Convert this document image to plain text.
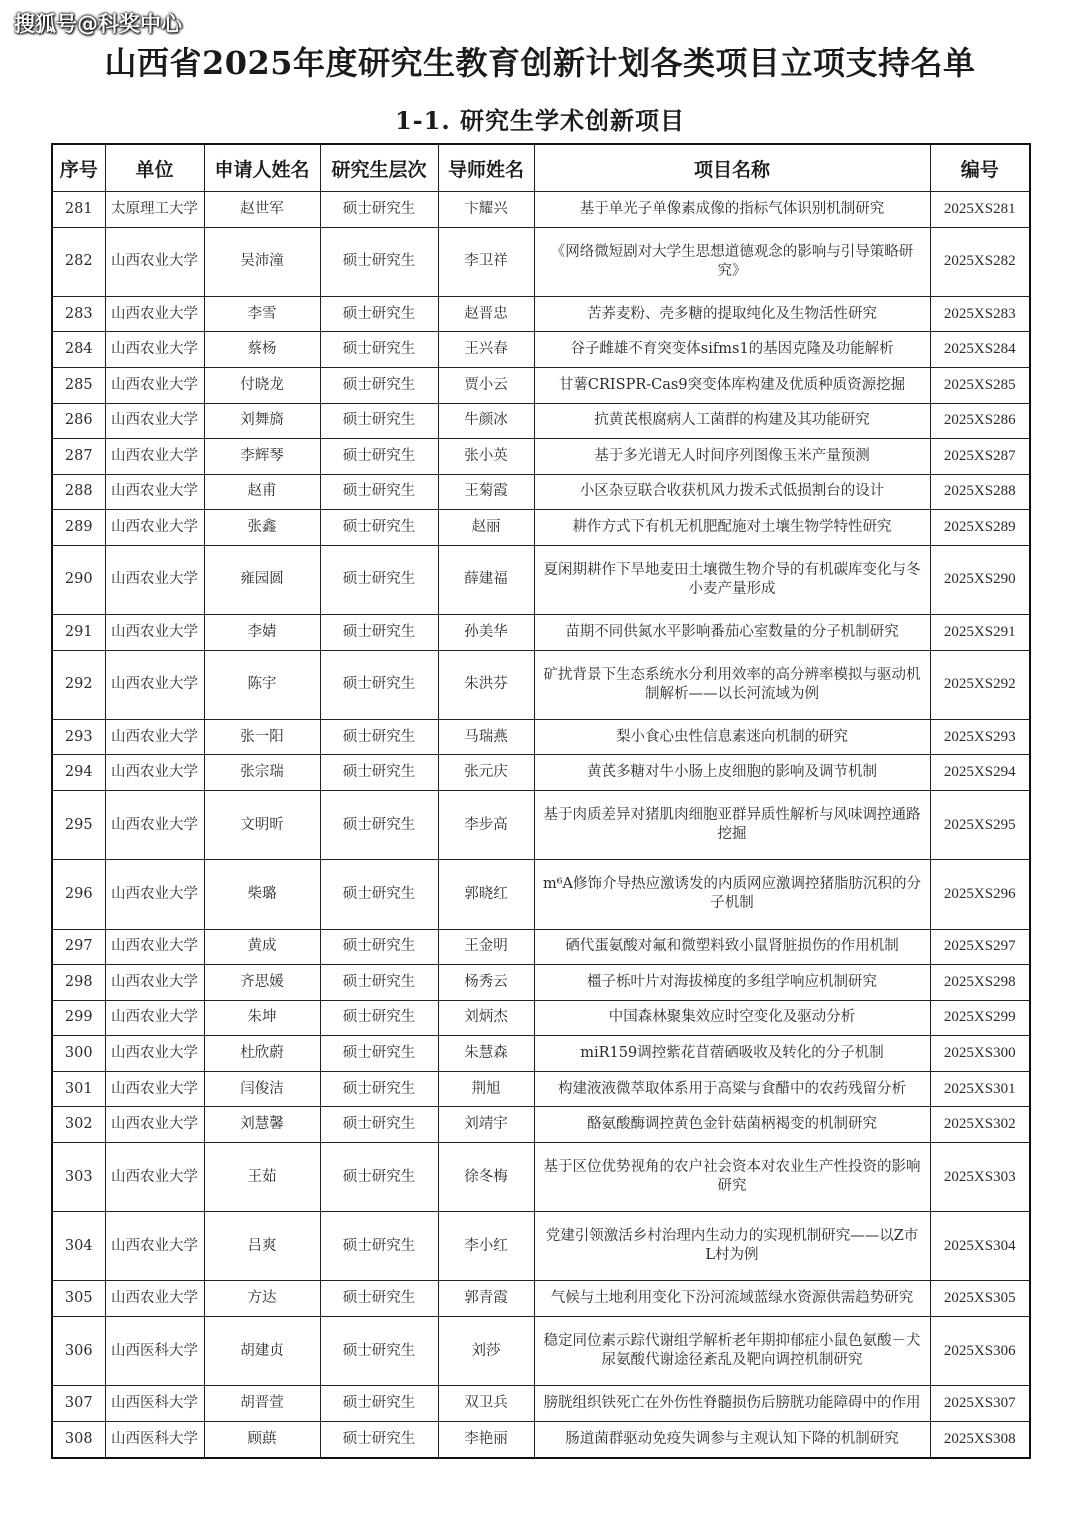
搜狐号@科奖中心
山西省2025年度研究生教育创新计划各类项目立项支持名单
1-1. 研究生学术创新项目
序号	单位	申请人姓名	研究生层次	导师姓名	项目名称	编号
281	太原理工大学	赵世军	硕士研究生	卞耀兴	基于单光子单像素成像的指标气体识别机制研究	2025XS281
282	山西农业大学	吴沛潼	硕士研究生	李卫祥	《网络微短剧对大学生思想道德观念的影响与引导策略研究》	2025XS282
283	山西农业大学	李雪	硕士研究生	赵晋忠	苦荞麦粉、壳多糖的提取纯化及生物活性研究	2025XS283
284	山西农业大学	蔡杨	硕士研究生	王兴春	谷子雌雄不育突变体sifms1的基因克隆及功能解析	2025XS284
285	山西农业大学	付晓龙	硕士研究生	贾小云	甘薯CRISPR-Cas9突变体库构建及优质种质资源挖掘	2025XS285
286	山西农业大学	刘舞旖	硕士研究生	牛颜冰	抗黄芪根腐病人工菌群的构建及其功能研究	2025XS286
287	山西农业大学	李辉琴	硕士研究生	张小英	基于多光谱无人时间序列图像玉米产量预测	2025XS287
288	山西农业大学	赵甫	硕士研究生	王菊霞	小区杂豆联合收获机风力拨禾式低损割台的设计	2025XS288
289	山西农业大学	张鑫	硕士研究生	赵丽	耕作方式下有机无机肥配施对土壤生物学特性研究	2025XS289
290	山西农业大学	雍园圆	硕士研究生	薛建福	夏闲期耕作下旱地麦田土壤微生物介导的有机碳库变化与冬小麦产量形成	2025XS290
291	山西农业大学	李婧	硕士研究生	孙美华	苗期不同供氮水平影响番茄心室数量的分子机制研究	2025XS291
292	山西农业大学	陈宇	硕士研究生	朱洪芬	矿扰背景下生态系统水分利用效率的高分辨率模拟与驱动机制解析——以长河流域为例	2025XS292
293	山西农业大学	张一阳	硕士研究生	马瑞燕	梨小食心虫性信息素迷向机制的研究	2025XS293
294	山西农业大学	张宗瑞	硕士研究生	张元庆	黄芪多糖对牛小肠上皮细胞的影响及调节机制	2025XS294
295	山西农业大学	文明昕	硕士研究生	李步高	基于肉质差异对猪肌肉细胞亚群异质性解析与风味调控通路挖掘	2025XS295
296	山西农业大学	柴璐	硕士研究生	郭晓红	m⁶A修饰介导热应激诱发的内质网应激调控猪脂肪沉积的分子机制	2025XS296
297	山西农业大学	黄成	硕士研究生	王金明	硒代蛋氨酸对氟和微塑料致小鼠肾脏损伤的作用机制	2025XS297
298	山西农业大学	齐思媛	硕士研究生	杨秀云	橿子栎叶片对海拔梯度的多组学响应机制研究	2025XS298
299	山西农业大学	朱坤	硕士研究生	刘炳杰	中国森林聚集效应时空变化及驱动分析	2025XS299
300	山西农业大学	杜欣蔚	硕士研究生	朱慧森	miR159调控紫花苜蓿硒吸收及转化的分子机制	2025XS300
301	山西农业大学	闫俊洁	硕士研究生	荆旭	构建液液微萃取体系用于高粱与食醋中的农药残留分析	2025XS301
302	山西农业大学	刘慧馨	硕士研究生	刘靖宇	酪氨酸酶调控黄色金针菇菌柄褐变的机制研究	2025XS302
303	山西农业大学	王茹	硕士研究生	徐冬梅	基于区位优势视角的农户社会资本对农业生产性投资的影响研究	2025XS303
304	山西农业大学	吕爽	硕士研究生	李小红	党建引领激活乡村治理内生动力的实现机制研究——以Z市L村为例	2025XS304
305	山西农业大学	方达	硕士研究生	郭青霞	气候与土地利用变化下汾河流域蓝绿水资源供需趋势研究	2025XS305
306	山西医科大学	胡建贞	硕士研究生	刘莎	稳定同位素示踪代谢组学解析老年期抑郁症小鼠色氨酸－犬尿氨酸代谢途径紊乱及靶向调控机制研究	2025XS306
307	山西医科大学	胡晋萱	硕士研究生	双卫兵	膀胱组织铁死亡在外伤性脊髓损伤后膀胱功能障碍中的作用	2025XS307
308	山西医科大学	顾蕻	硕士研究生	李艳丽	肠道菌群驱动免疫失调参与主观认知下降的机制研究	2025XS308
